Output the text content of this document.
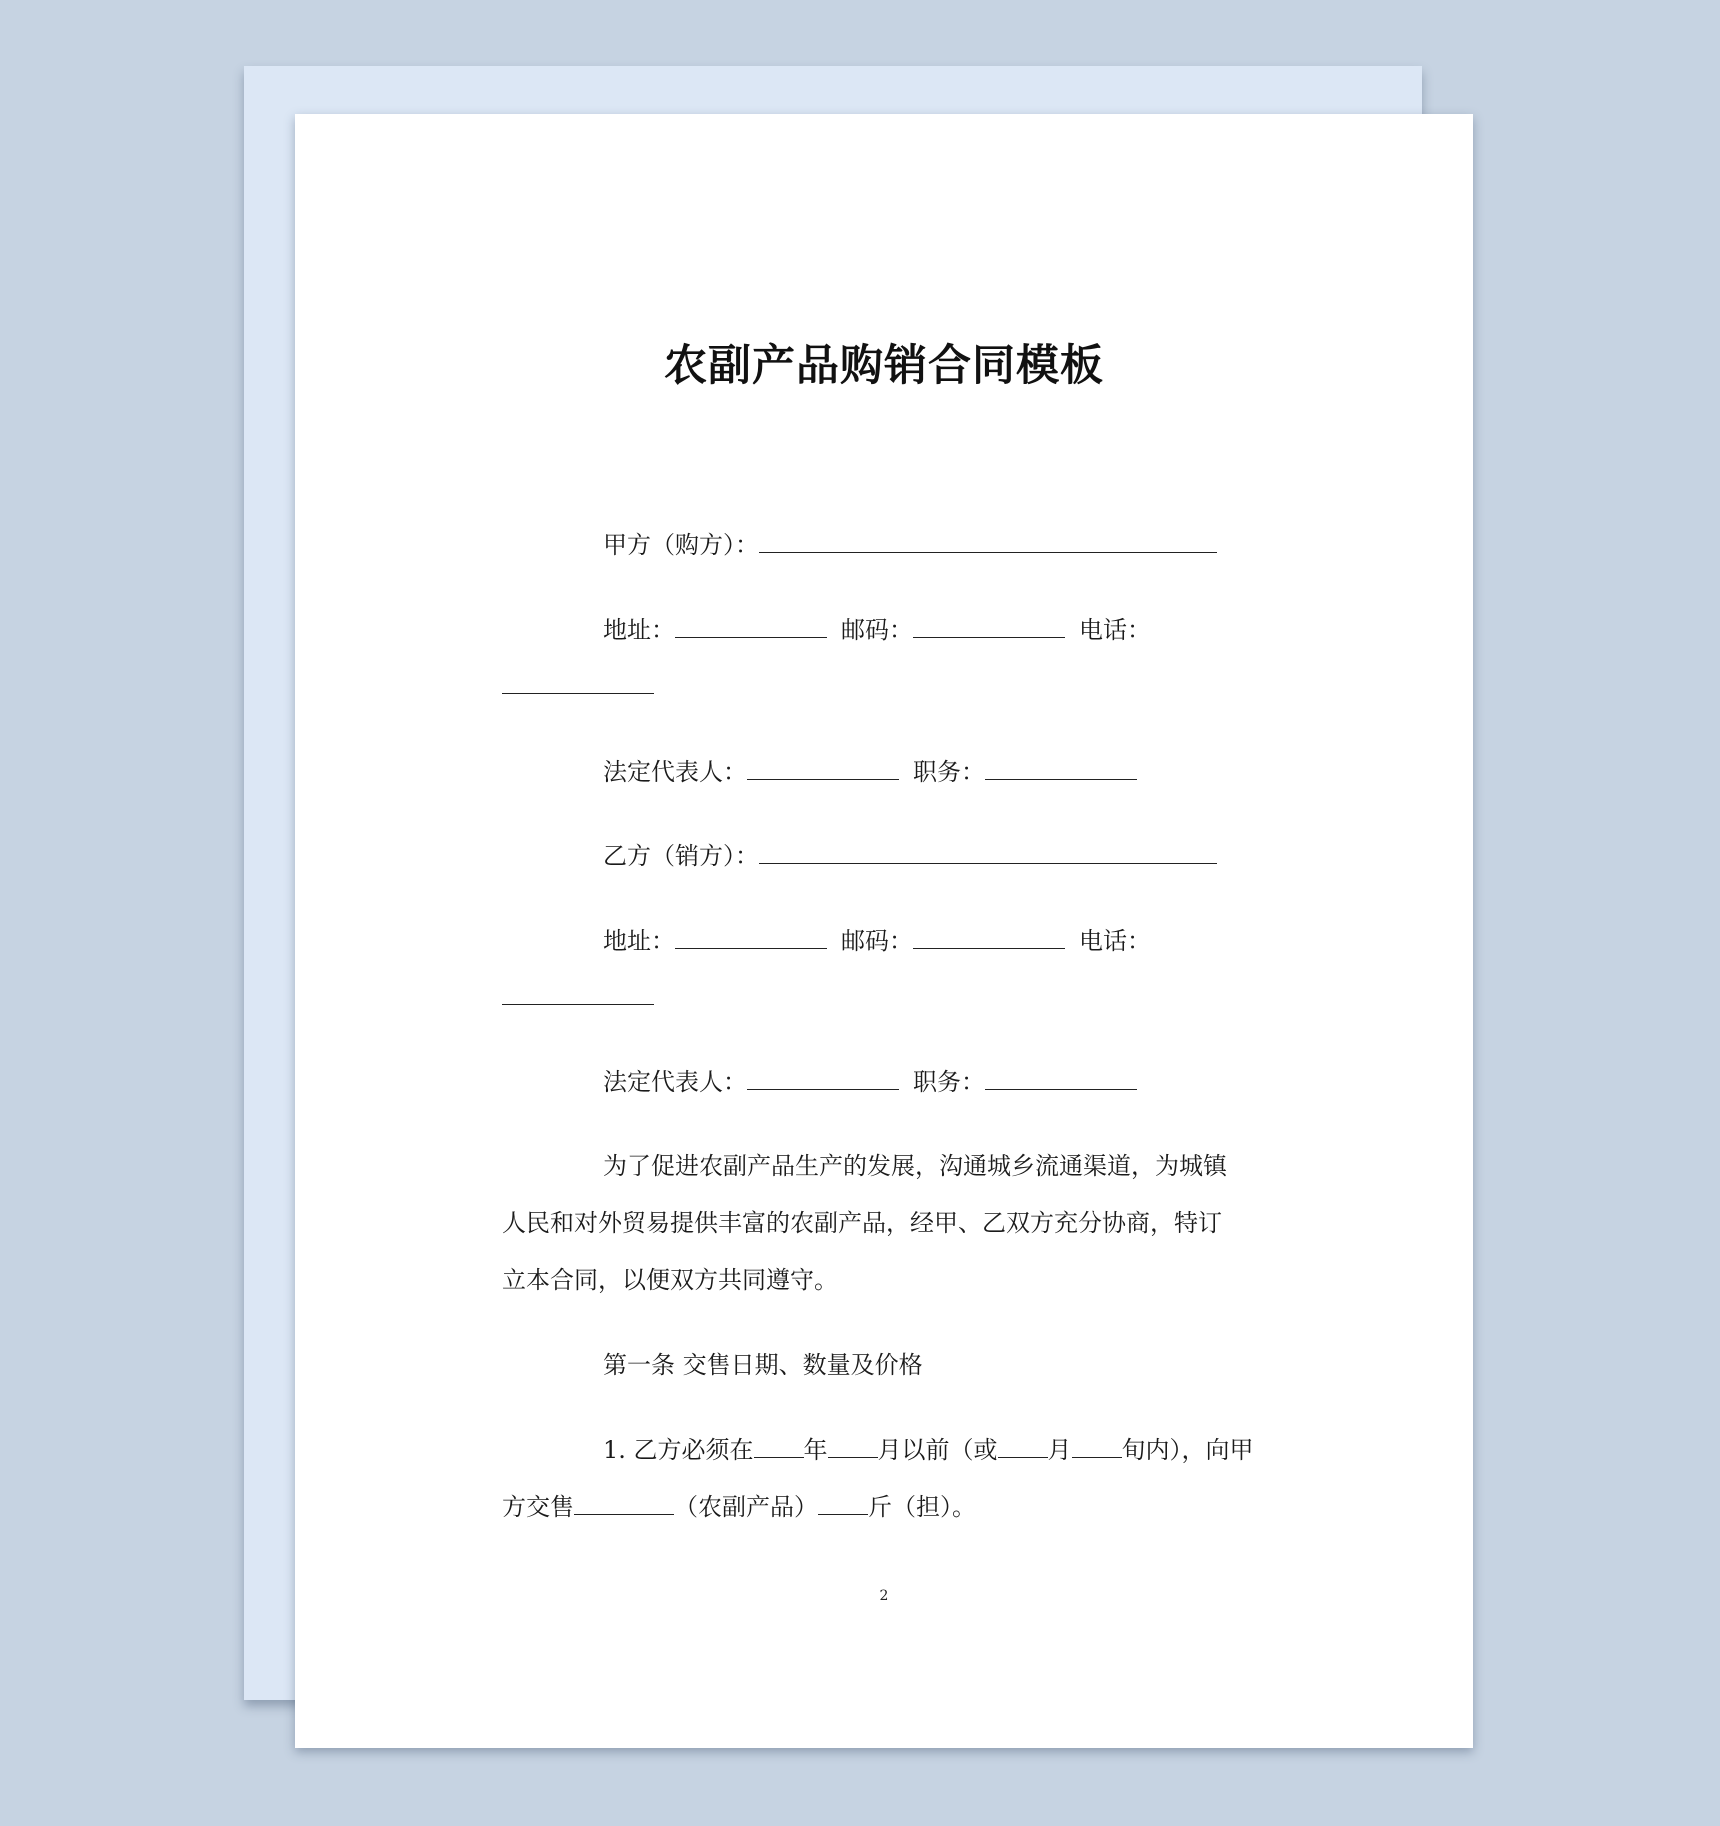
农副产品购销合同模板
甲方（购方）：
地址：	邮码：	电话：
法定代表人：	职务：
乙方（销方）：
地址：	邮码：	电话：
法定代表人：	职务：
为了促进农副产品生产的发展，沟通城乡流通渠道，为城镇
人民和对外贸易提供丰富的农副产品，经甲、乙双方充分协商，特订
立本合同，以便双方共同遵守。
第一条 交售日期、数量及价格
1. 乙方必须在 年 月以前（或 月 旬内），向甲
方交售	（农副产品） 斤（担）。
2
